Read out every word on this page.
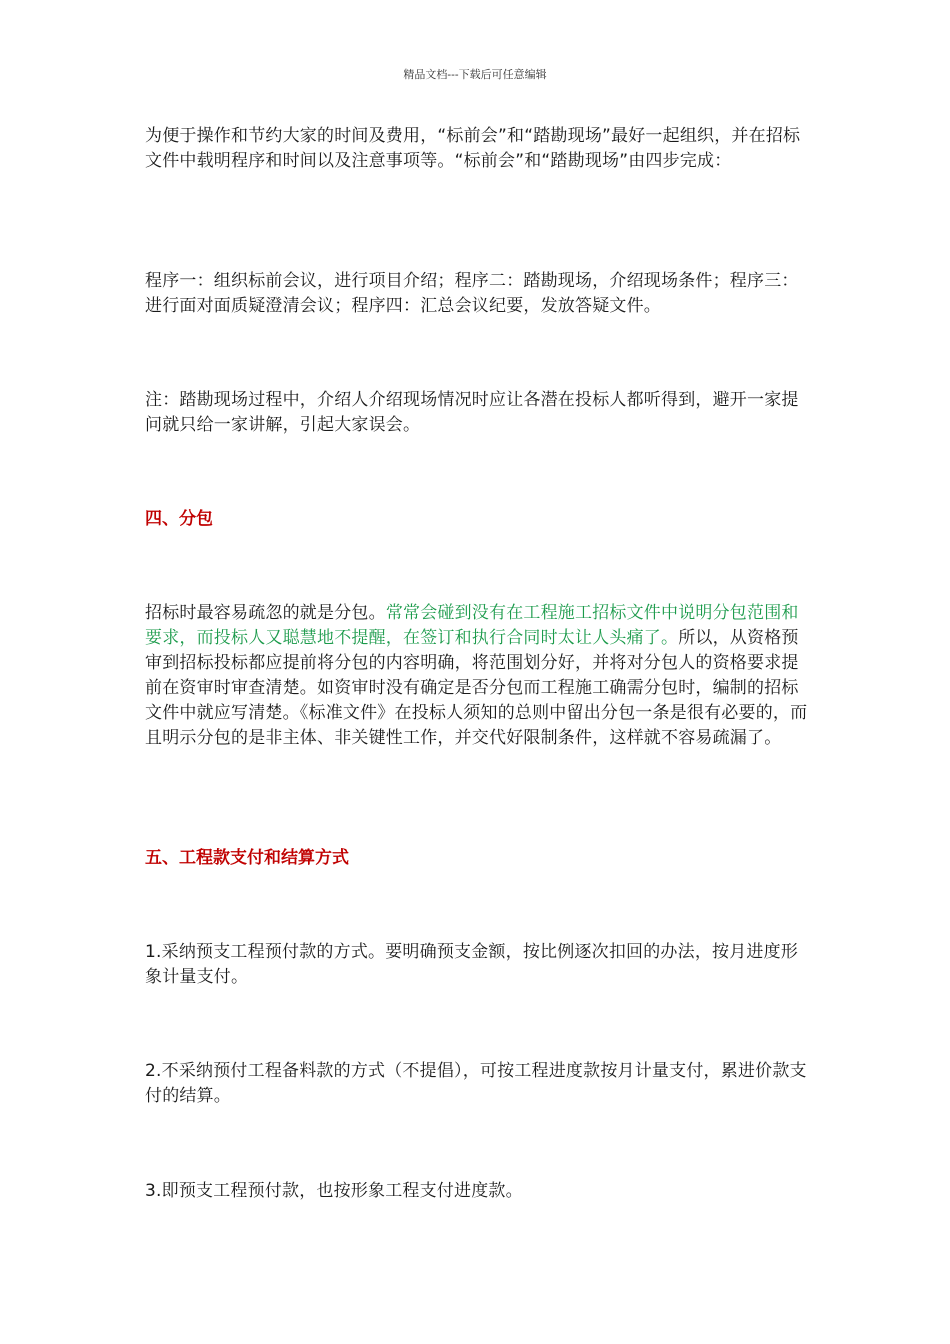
精品文档---下载后可任意编辑

为便于操作和节约大家的时间及费用，“标前会”和“踏勘现场”最好一起组织，并在招标文件中载明程序和时间以及注意事项等。“标前会”和“踏勘现场”由四步完成：

程序一：组织标前会议，进行项目介绍；程序二：踏勘现场，介绍现场条件；程序三：进行面对面质疑澄清会议；程序四：汇总会议纪要，发放答疑文件。

注：踏勘现场过程中，介绍人介绍现场情况时应让各潜在投标人都听得到，避开一家提问就只给一家讲解，引起大家误会。

四、分包

招标时最容易疏忽的就是分包。常常会碰到没有在工程施工招标文件中说明分包范围和要求，而投标人又聪慧地不提醒，在签订和执行合同时太让人头痛了。所以，从资格预审到招标投标都应提前将分包的内容明确，将范围划分好，并将对分包人的资格要求提前在资审时审查清楚。如资审时没有确定是否分包而工程施工确需分包时，编制的招标文件中就应写清楚。《标准文件》在投标人须知的总则中留出分包一条是很有必要的，而且明示分包的是非主体、非关键性工作，并交代好限制条件，这样就不容易疏漏了。

五、工程款支付和结算方式

1.采纳预支工程预付款的方式。要明确预支金额，按比例逐次扣回的办法，按月进度形象计量支付。

2.不采纳预付工程备料款的方式（不提倡），可按工程进度款按月计量支付，累进价款支付的结算。

3.即预支工程预付款，也按形象工程支付进度款。
